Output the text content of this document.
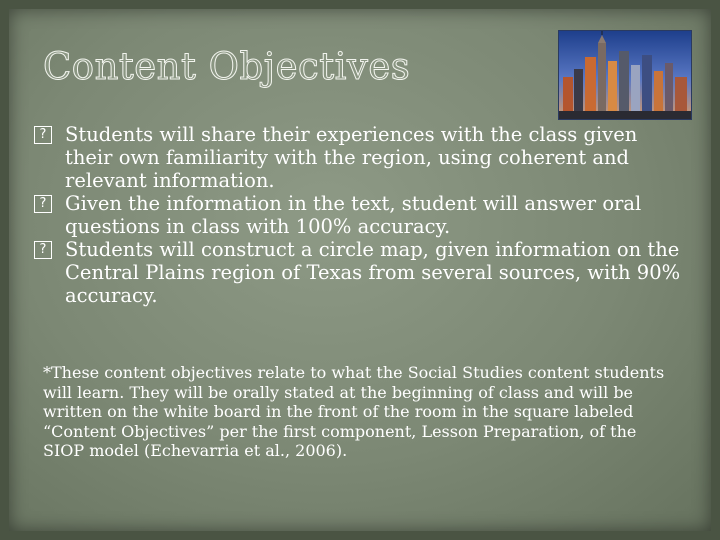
Content Objectives
? Students will share their experiences with the class given their own familiarity with the region, using coherent and relevant information.
? Given the information in the text, student will answer oral questions in class with 100% accuracy.
? Students will construct a circle map, given information on the Central Plains region of Texas from several sources, with 90% accuracy.

*These content objectives relate to what the Social Studies content students will learn. They will be orally stated at the beginning of class and will be written on the white board in the front of the room in the square labeled “Content Objectives” per the first component, Lesson Preparation, of the SIOP model (Echevarria et al., 2006).
